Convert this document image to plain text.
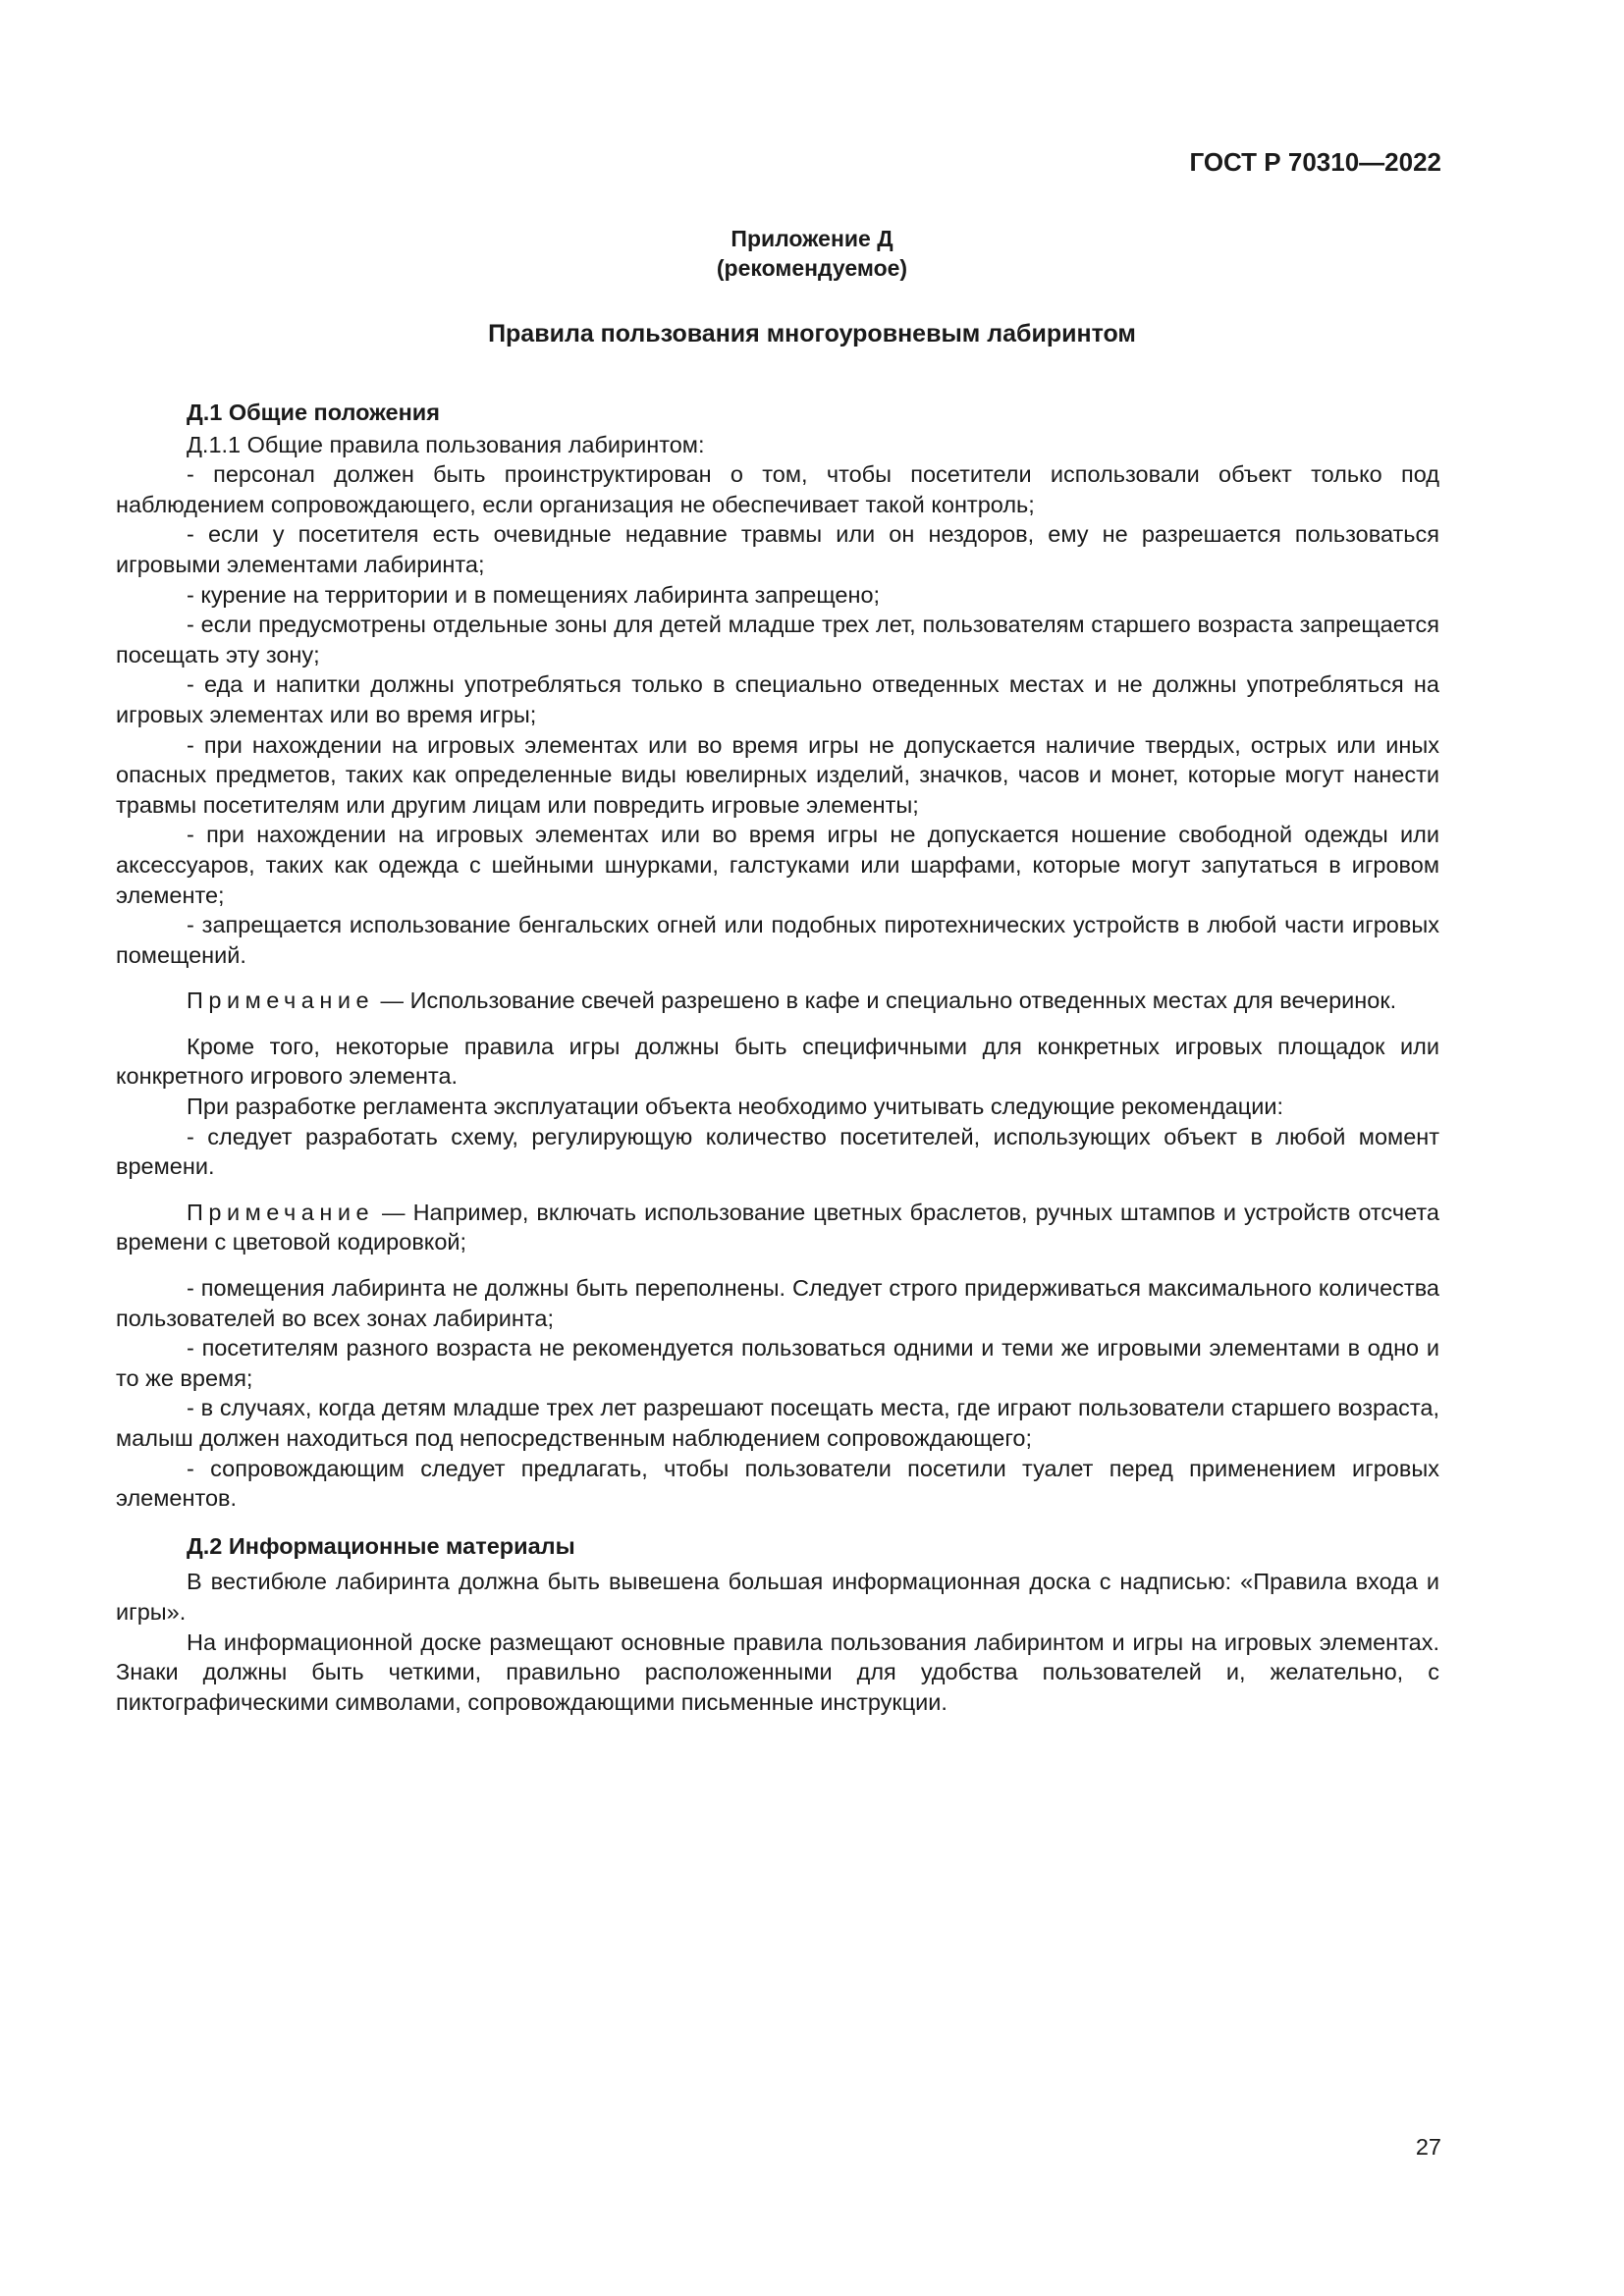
ГОСТ Р 70310—2022
Приложение Д
(рекомендуемое)
Правила пользования многоуровневым лабиринтом

Д.1 Общие положения

Д.1.1 Общие правила пользования лабиринтом:

- персонал должен быть проинструктирован о том, чтобы посетители использовали объект только под наблюдением сопровождающего, если организация не обеспечивает такой контроль;

- если у посетителя есть очевидные недавние травмы или он нездоров, ему не разрешается пользоваться игровыми элементами лабиринта;

- курение на территории и в помещениях лабиринта запрещено;

- если предусмотрены отдельные зоны для детей младше трех лет, пользователям старшего возраста запрещается посещать эту зону;

- еда и напитки должны употребляться только в специально отведенных местах и не должны употребляться на игровых элементах или во время игры;

- при нахождении на игровых элементах или во время игры не допускается наличие твердых, острых или иных опасных предметов, таких как определенные виды ювелирных изделий, значков, часов и монет, которые могут нанести травмы посетителям или другим лицам или повредить игровые элементы;

- при нахождении на игровых элементах или во время игры не допускается ношение свободной одежды или аксессуаров, таких как одежда с шейными шнурками, галстуками или шарфами, которые могут запутаться в игровом элементе;

- запрещается использование бенгальских огней или подобных пиротехнических устройств в любой части игровых помещений.

Примечание — Использование свечей разрешено в кафе и специально отведенных местах для вечеринок.

Кроме того, некоторые правила игры должны быть специфичными для конкретных игровых площадок или конкретного игрового элемента.

При разработке регламента эксплуатации объекта необходимо учитывать следующие рекомендации:

- следует разработать схему, регулирующую количество посетителей, использующих объект в любой момент времени.

Примечание — Например, включать использование цветных браслетов, ручных штампов и устройств отсчета времени с цветовой кодировкой;

- помещения лабиринта не должны быть переполнены. Следует строго придерживаться максимального количества пользователей во всех зонах лабиринта;

- посетителям разного возраста не рекомендуется пользоваться одними и теми же игровыми элементами в одно и то же время;

- в случаях, когда детям младше трех лет разрешают посещать места, где играют пользователи старшего возраста, малыш должен находиться под непосредственным наблюдением сопровождающего;

- сопровождающим следует предлагать, чтобы пользователи посетили туалет перед применением игровых элементов.

Д.2 Информационные материалы

В вестибюле лабиринта должна быть вывешена большая информационная доска с надписью: «Правила входа и игры».

На информационной доске размещают основные правила пользования лабиринтом и игры на игровых элементах. Знаки должны быть четкими, правильно расположенными для удобства пользователей и, желательно, с пиктографическими символами, сопровождающими письменные инструкции.

27
